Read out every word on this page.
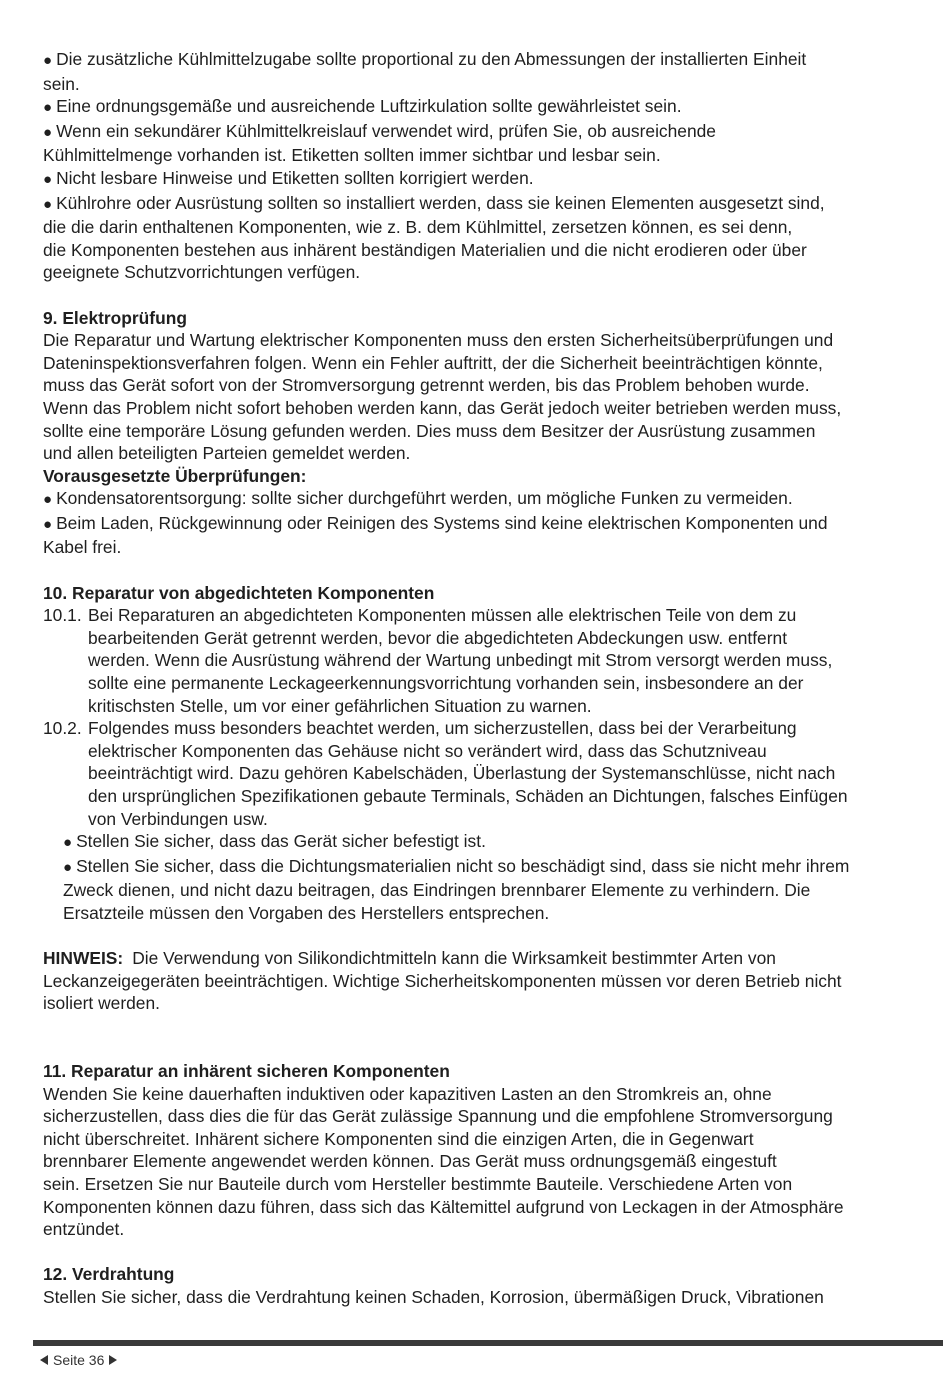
● Die zusätzliche Kühlmittelzugabe sollte proportional zu den Abmessungen der installierten Einheit
sein.
● Eine ordnungsgemäße und ausreichende Luftzirkulation sollte gewährleistet sein.
● Wenn ein sekundärer Kühlmittelkreislauf verwendet wird, prüfen Sie, ob ausreichende
Kühlmittelmenge vorhanden ist. Etiketten sollten immer sichtbar und lesbar sein.
● Nicht lesbare Hinweise und Etiketten sollten korrigiert werden.
● Kühlrohre oder Ausrüstung sollten so installiert werden, dass sie keinen Elementen ausgesetzt sind,
die die darin enthaltenen Komponenten, wie z. B. dem Kühlmittel, zersetzen können, es sei denn,
die Komponenten bestehen aus inhärent beständigen Materialien und die nicht erodieren oder über
geeignete Schutzvorrichtungen verfügen.
9. Elektroprüfung
Die Reparatur und Wartung elektrischer Komponenten muss den ersten Sicherheitsüberprüfungen und
Dateninspektionsverfahren folgen. Wenn ein Fehler auftritt, der die Sicherheit beeinträchtigen könnte,
muss das Gerät sofort von der Stromversorgung getrennt werden, bis das Problem behoben wurde.
Wenn das Problem nicht sofort behoben werden kann, das Gerät jedoch weiter betrieben werden muss,
sollte eine temporäre Lösung gefunden werden. Dies muss dem Besitzer der Ausrüstung zusammen
und allen beteiligten Parteien gemeldet werden.
Vorausgesetzte Überprüfungen:
● Kondensatorentsorgung: sollte sicher durchgeführt werden, um mögliche Funken zu vermeiden.
● Beim Laden, Rückgewinnung oder Reinigen des Systems sind keine elektrischen Komponenten und
Kabel frei.
10. Reparatur von abgedichteten Komponenten
10.1. Bei Reparaturen an abgedichteten Komponenten müssen alle elektrischen Teile von dem zu
bearbeitenden Gerät getrennt werden, bevor die abgedichteten Abdeckungen usw. entfernt
werden. Wenn die Ausrüstung während der Wartung unbedingt mit Strom versorgt werden muss,
sollte eine permanente Leckageerkennungsvorrichtung vorhanden sein, insbesondere an der
kritischsten Stelle, um vor einer gefährlichen Situation zu warnen.
10.2. Folgendes muss besonders beachtet werden, um sicherzustellen, dass bei der Verarbeitung
elektrischer Komponenten das Gehäuse nicht so verändert wird, dass das Schutzniveau
beeinträchtigt wird. Dazu gehören Kabelschäden, Überlastung der Systemanschlüsse, nicht nach
den ursprünglichen Spezifikationen gebaute Terminals, Schäden an Dichtungen, falsches Einfügen
von Verbindungen usw.
● Stellen Sie sicher, dass das Gerät sicher befestigt ist.
● Stellen Sie sicher, dass die Dichtungsmaterialien nicht so beschädigt sind, dass sie nicht mehr ihrem
Zweck dienen, und nicht dazu beitragen, das Eindringen brennbarer Elemente zu verhindern. Die
Ersatzteile müssen den Vorgaben des Herstellers entsprechen.
HINWEIS: Die Verwendung von Silikondichtmitteln kann die Wirksamkeit bestimmter Arten von
Leckanzeigegeräten beeinträchtigen. Wichtige Sicherheitskomponenten müssen vor deren Betrieb nicht
isoliert werden.
11. Reparatur an inhärent sicheren Komponenten
Wenden Sie keine dauerhaften induktiven oder kapazitiven Lasten an den Stromkreis an, ohne
sicherzustellen, dass dies die für das Gerät zulässige Spannung und die empfohlene Stromversorgung
nicht überschreitet. Inhärent sichere Komponenten sind die einzigen Arten, die in Gegenwart
brennbarer Elemente angewendet werden können. Das Gerät muss ordnungsgemäß eingestuft
sein. Ersetzen Sie nur Bauteile durch vom Hersteller bestimmte Bauteile. Verschiedene Arten von
Komponenten können dazu führen, dass sich das Kältemittel aufgrund von Leckagen in der Atmosphäre
entzündet.
12. Verdrahtung
Stellen Sie sicher, dass die Verdrahtung keinen Schaden, Korrosion, übermäßigen Druck, Vibrationen
Seite 36
